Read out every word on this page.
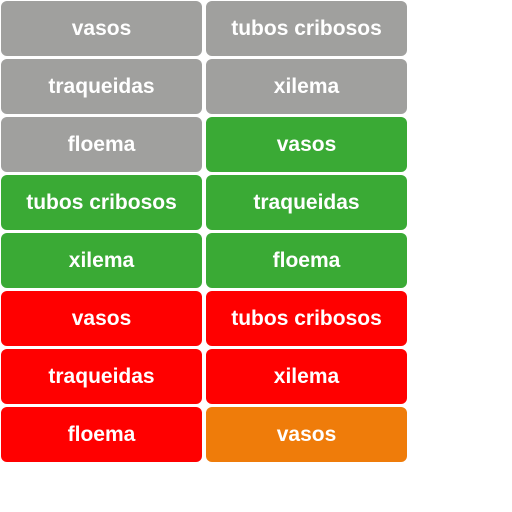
vasos
traqueidas
floema
tubos cribosos
xilema
vasos
traqueidas
floema
tubos cribosos
xilema
vasos
traqueidas
floema
tubos cribosos
xilema
vasos
